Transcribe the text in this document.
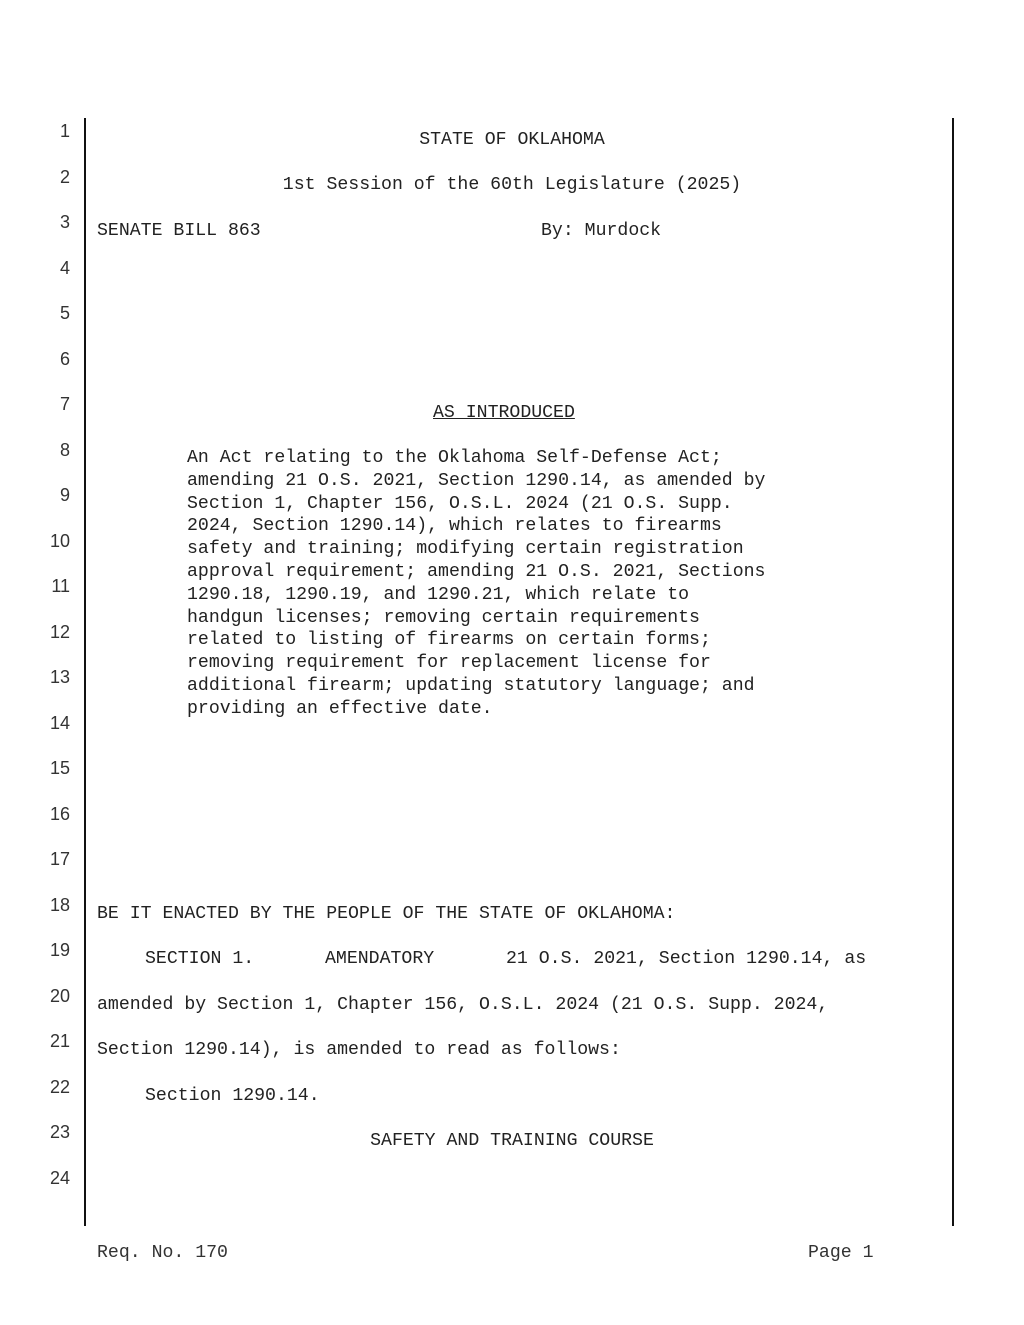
1
2
3
4
5
6
7
8
9
10
11
12
13
14
15
16
17
18
19
20
21
22
23
24
STATE OF OKLAHOMA
1st Session of the 60th Legislature (2025)
SENATE BILL 863	By: Murdock
AS INTRODUCED
An Act relating to the Oklahoma Self-Defense Act;
amending 21 O.S. 2021, Section 1290.14, as amended by
Section 1, Chapter 156, O.S.L. 2024 (21 O.S. Supp.
2024, Section 1290.14), which relates to firearms
safety and training; modifying certain registration
approval requirement; amending 21 O.S. 2021, Sections
1290.18, 1290.19, and 1290.21, which relate to
handgun licenses; removing certain requirements
related to listing of firearms on certain forms;
removing requirement for replacement license for
additional firearm; updating statutory language; and
providing an effective date.
BE IT ENACTED BY THE PEOPLE OF THE STATE OF OKLAHOMA:
SECTION 1.	AMENDATORY	21 O.S. 2021, Section 1290.14, as
amended by Section 1, Chapter 156, O.S.L. 2024 (21 O.S. Supp. 2024,
Section 1290.14), is amended to read as follows:
Section 1290.14.
SAFETY AND TRAINING COURSE
Req. No. 170	Page 1
